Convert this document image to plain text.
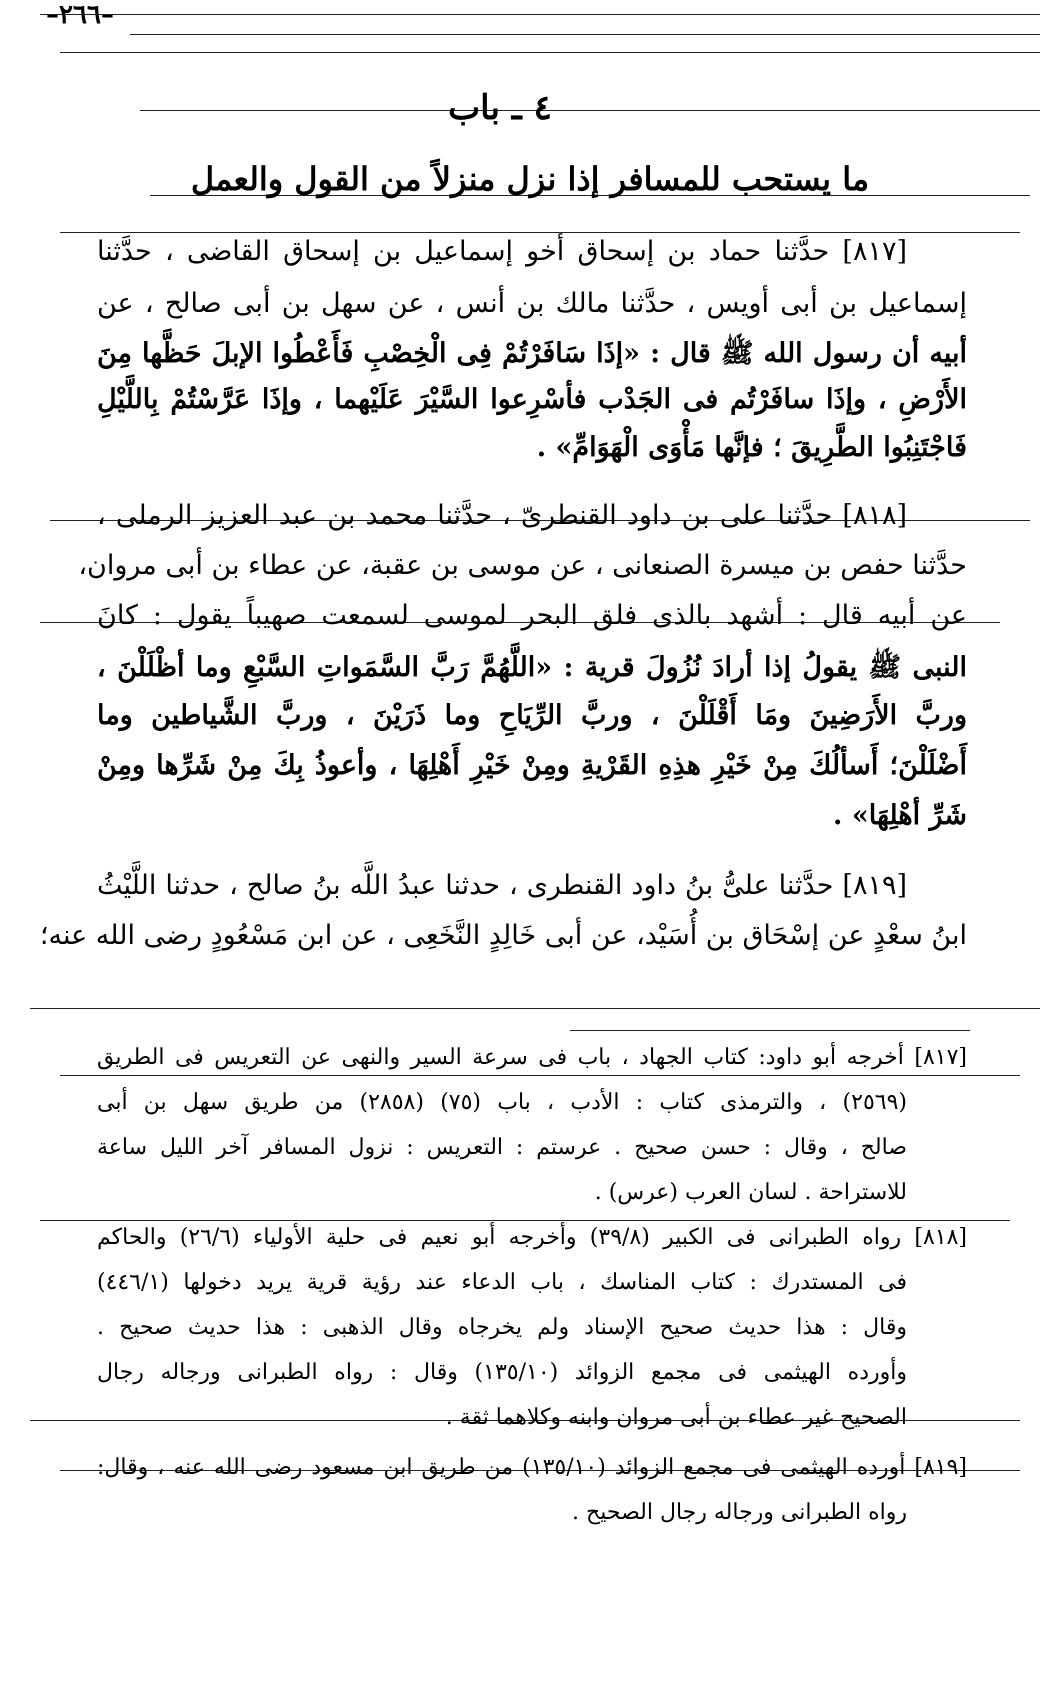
٤ ـ باب
ما يستحب للمسافر إذا نزل منزلاً من القول والعمل
[٨١٧] حدَّثنا حماد بن إسحاق أخو إسماعيل بن إسحاق القاضى ، حدَّثنا
إسماعيل بن أبى أويس ، حدَّثنا مالك بن أنس ، عن سهل بن أبى صالح ، عن
أبيه أن رسول الله ﷺ قال : «إذَا سَافَرْتُمْ فِى الْخِصْبِ فَأَعْطُوا الإبلَ حَظَّها مِنَ
الأَرْضِ ، وإذَا سافَرْتُم فى الجَدْب فأسْرِعوا السَّيْرَ عَلَيْهما ، وإذَا عَرَّسْتُمْ بِاللَّيْلِ
فَاجْتَنِبُوا الطَّرِيقَ ؛ فإنَّها مَأْوَى الْهَوَامِّ» .
[٨١٨] حدَّثنا على بن داود القنطرىّ ، حدَّثنا محمد بن عبد العزيز الرملى ،
حدَّثنا حفص بن ميسرة الصنعانى ، عن موسى بن عقبة، عن عطاء بن أبى مروان،
عن أبيه قال : أشهد بالذى فلق البحر لموسى لسمعت صهيباً يقول : كانَ
النبى ﷺ يقولُ إذا أرادَ نُزُولَ قرية : «اللَّهُمَّ رَبَّ السَّمَواتِ السَّبْعِ وما أظْلَلْنَ ،
وربَّ الأَرَضِينَ ومَا أَقْلَلْنَ ، وربَّ الرِّيَاحِ وما ذَرَيْنَ ، وربَّ الشَّياطين وما
أَضْلَلْنَ؛ أَسألُكَ مِنْ خَيْرِ هذِهِ القَرْيةِ ومِنْ خَيْرِ أَهْلِهَا ، وأعوذُ بِكَ مِنْ شَرِّها ومِنْ
شَرِّ أهْلِهَا» .
[٨١٩] حدَّثنا علىُّ بنُ داود القنطرى ، حدثنا عبدُ اللَّه بنُ صالح ، حدثنا اللَّيْثُ
ابنُ سعْدٍ عن إسْحَاق بن أُسَيْد، عن أبى خَالِدٍ النَّخَعِى ، عن ابن مَسْعُودٍ رضى الله عنه؛
[٨١٧] أخرجه أبو داود: كتاب الجهاد ، باب فى سرعة السير والنهى عن التعريس فى الطريق
(٢٥٦٩) ، والترمذى كتاب : الأدب ، باب (٧٥) (٢٨٥٨) من طريق سهل بن أبى
صالح ، وقال : حسن صحيح . عرستم : التعريس : نزول المسافر آخر الليل ساعة
للاستراحة . لسان العرب (عرس) .
[٨١٨] رواه الطبرانى فى الكبير (٣٩/٨) وأخرجه أبو نعيم فى حلية الأولياء (٢٦/٦) والحاكم
فى المستدرك : كتاب المناسك ، باب الدعاء عند رؤية قرية يريد دخولها (٤٤٦/١)
وقال : هذا حديث صحيح الإسناد ولم يخرجاه وقال الذهبى : هذا حديث صحيح .
وأورده الهيثمى فى مجمع الزوائد (١٣٥/١٠) وقال : رواه الطبرانى ورجاله رجال
الصحيح غير عطاء بن أبى مروان وابنه وكلاهما ثقة .
[٨١٩] أورده الهيثمى فى مجمع الزوائد (١٣٥/١٠) من طريق ابن مسعود رضى الله عنه ، وقال:
رواه الطبرانى ورجاله رجال الصحيح .
–٢٦٦–
